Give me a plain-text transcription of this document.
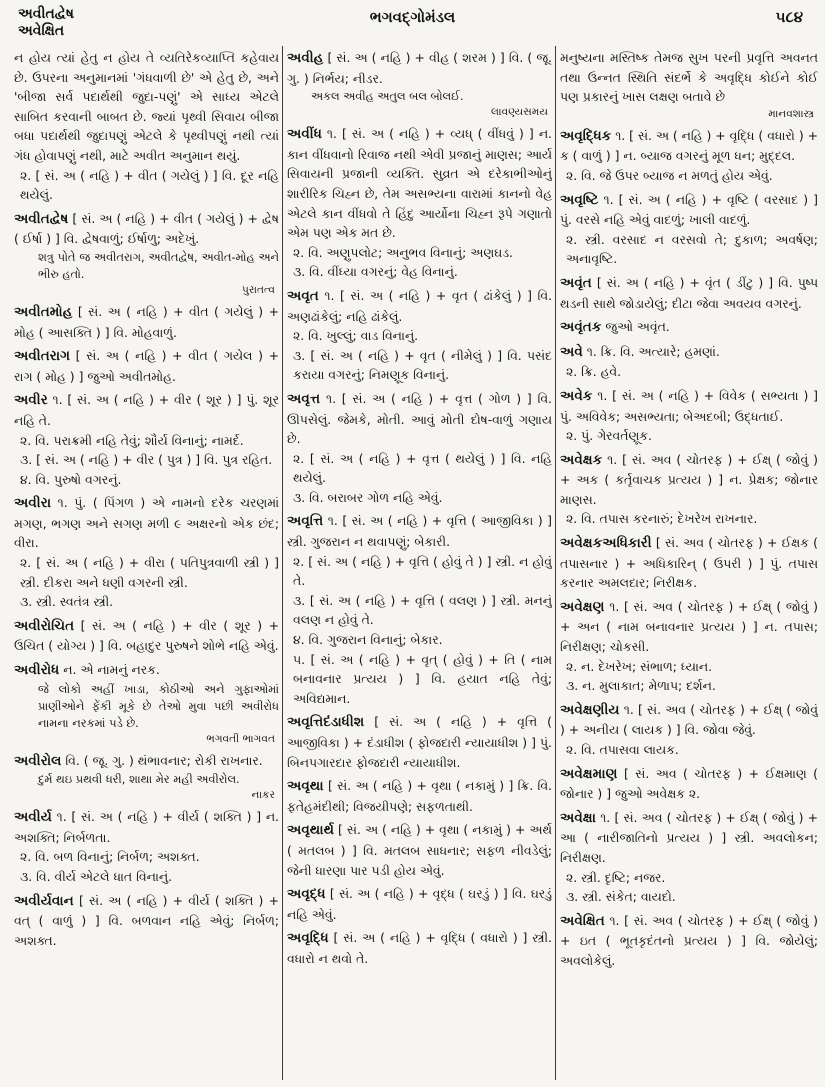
અવીતદ્વેષ
અવેક્ષિત
ભગવદ્ગોમંડલ	૫૮૪
ન હોય ત્યાં હેતુ ન હોય તે વ્યતિરેકવ્યાપ્તિ કહેવાય છે. ઉપરના અનુમાનમાં 'ગંધવાળી છે' એ હેતુ છે, અને 'બીજા સર્વ પદાર્થથી જુદા-પણું' એ સાધ્ય એટલે સાબિત કરવાની બાબત છે. જ્યાં પૃથ્વી સિવાય બીજા બધા પદાર્થથી જુદાપણું એટલે કે પૃથ્વીપણું નથી ત્યાં ગંધ હોવાપણું નથી, માટે અવીત અનુમાન થયું.
૨. [ સં. અ ( નહિ ) + વીત ( ગયેલું ) ] વિ. દૂર નહિ થયેલું.
અવીતદ્વેષ [ સં. અ ( નહિ ) + વીત ( ગયેલું ) + દ્વેષ ( ઈર્ષા ) ] વિ. દ્વેષવાળું; ઈર્ષાળુ; અદેખું.
શત્રુ પોતે જ અવીતરાગ, અવીતદ્વેષ, અવીત-મોહ અને ભીરુ હતો.
પુરાતત્વ
અવીતમોહ [ સં. અ ( નહિ ) + વીત ( ગયેલું ) + મોહ ( આસક્તિ ) ] વિ. મોહવાળું.
અવીતરાગ [ સં. અ ( નહિ ) + વીત ( ગયેલ ) + રાગ ( મોહ ) ] જુઓ અવીતમોહ.
અવીર ૧. [ સં. અ ( નહિ ) + વીર ( શૂર ) ] પું. શૂર નહિ તે.
૨. વિ. પરાક્રમી નહિ તેવું; શૌર્ય વિનાનું; નામર્દ.
૩. [ સં. અ ( નહિ ) + વીર ( પુત્ર ) ] વિ. પુત્ર રહિત.
૪. વિ. પુરુષો વગરનું.
અવીરા ૧. પું. ( પિંગળ ) એ નામનો દરેક ચરણમાં મગણ, ભગણ અને સગણ મળી ૯ અક્ષરનો એક છંદ; વીરા.
૨. [ સં. અ ( નહિ ) + વીરા ( પતિપુત્રવાળી સ્ત્રી ) ] સ્ત્રી. દીકરા અને ધણી વગરની સ્ત્રી.
૩. સ્ત્રી. સ્વતંત્ર સ્ત્રી.
અવીરોચિત [ સં. અ ( નહિ ) + વીર ( શૂર ) + ઉચિત ( યોગ્ય ) ] વિ. બહાદુર પુરુષને શોભે નહિ એવું.
અવીરોધ ન. એ નામનું નરક.
જે લોકો અહીં ખાડા, કોઠીઓ અને ગુફાઓમાં પ્રાણીઓને ફેંકી મૂકે છે તેઓ મુવા પછી અવીરોધ નામના નરકમાં પડે છે.
ભગવતી ભાગવત
અવીરોલ વિ. ( જૂ. ગુ. ) થંભાવનાર; રોકી રાખનાર.
દુર્મ થઇ પ્રથવી ધરી, શાથા મેર મહી અવીરોલ.
નાકર
અવીર્ય ૧. [ સં. અ ( નહિ ) + વીર્ય ( શક્તિ ) ] ન. અશક્તિ; નિર્બળતા.
૨. વિ. બળ વિનાનું; નિર્બળ; અશક્ત.
૩. વિ. વીર્ય એટલે ધાત વિનાનું.
અવીર્યવાન [ સં. અ ( નહિ ) + વીર્ય ( શક્તિ ) + વત્ ( વાળું ) ] વિ. બળવાન નહિ એવું; નિર્બળ; અશક્ત.
અવીહ [ સં. અ ( નહિ ) + વીહ ( શરમ ) ] વિ. ( જૂ. ગુ. ) નિર્ભય; નીડર.
અકલ અવીહ અતુલ બલ બોલઈ.
લાવણ્યસમય
અવીંધ ૧. [ સં. અ ( નહિ ) + વ્યધ્ ( વીંધવું ) ] ન. કાન વીંધવાનો રિવાજ નથી એવી પ્રજાનું માણસ; આર્ય સિવાયની પ્રજાની વ્યક્તિ. સુવ્રત એ દરેકાભીઓનું શારીરિક ચિહ્ન છે, તેમ અસભ્યના વારામાં કાનનો વેહ એટલે કાન વીંધવો તે હિંદુ આર્યોના ચિહ્ન રૂપે ગણાતો એમ પણ એક મત છે.
૨. વિ. અણુપલોટ; અનુભવ વિનાનું; અણઘડ.
૩. વિ. વીંધ્યા વગરનું; વેહ વિનાનું.
અવૃત ૧. [ સં. અ ( નહિ ) + વૃત ( ઢાંકેલું ) ] વિ. અણઢાંકેલું; નહિ ઢાંકેલું.
૨. વિ. ખુલ્લું; વાડ વિનાનું.
૩. [ સં. અ ( નહિ ) + વૃત ( નીમેલું ) ] વિ. પસંદ કરાયા વગરનું; નિમણૂક વિનાનું.
અવૃત્ત ૧. [ સં. અ ( નહિ ) + વૃત્ત ( ગોળ ) ] વિ. ઊપસેલું. જેમકે, મોતી. આવું મોતી દોષ-વાળું ગણાય છે.
૨. [ સં. અ ( નહિ ) + વૃત્ત ( થયેલું ) ] વિ. નહિ થયેલું.
૩. વિ. બરાબર ગોળ નહિ એવું.
અવૃત્તિ ૧. [ સં. અ ( નહિ ) + વૃત્તિ ( આજીવિકા ) ] સ્ત્રી. ગુજરાન ન થવાપણું; બેકારી.
૨. [ સં. અ ( નહિ ) + વૃત્તિ ( હોવું તે ) ] સ્ત્રી. ન હોવું તે.
૩. [ સં. અ ( નહિ ) + વૃત્તિ ( વલણ ) ] સ્ત્રી. મનનું વલણ ન હોવું તે.
૪. વિ. ગુજરાન વિનાનું; બેકાર.
૫. [ સં. અ ( નહિ ) + વૃત્ ( હોવું ) + તિ ( નામ બનાવનાર પ્રત્યય ) ] વિ. હયાત નહિ તેવું; અવિદ્યમાન.
અવૃત્તિદંડાધીશ [ સં. અ ( નહિ ) + વૃત્તિ ( આજીવિકા ) + દંડાધીશ ( ફોજદારી ન્યાયાધીશ ) ] પું. બિનપગારદાર ફોજદારી ન્યાયાધીશ.
અવૃથા [ સં. અ ( નહિ ) + વૃથા ( નકામું ) ] ક્રિ. વિ. ફતેહમંદીથી; વિજયીપણે; સફળતાથી.
અવૃથાર્થ [ સં. અ ( નહિ ) + વૃથા ( નકામું ) + અર્થ ( મતલબ ) ] વિ. મતલબ સાધનાર; સફળ નીવડેલું; જેની ધારણા પાર પડી હોય એવું.
અવૃદ્ધ [ સં. અ ( નહિ ) + વૃદ્ધ ( ઘરડું ) ] વિ. ઘરડું નહિ એવું.
અવૃદ્ધિ [ સં. અ ( નહિ ) + વૃદ્ધિ ( વધારો ) ] સ્ત્રી. વધારો ન થવો તે.
મનુષ્યના મસ્તિષ્ક તેમજ સુખ પરની પ્રવૃત્તિ અવનત તથા ઉન્નત સ્થિતિ સંદર્ભે કે અવૃદ્ધિ કોઈને કોઈ પણ પ્રકારનું ખાસ લક્ષણ બતાવે છે
માનવશાસ્ત્ર
અવૃદ્ધિક ૧. [ સં. અ ( નહિ ) + વૃદ્ધિ ( વધારો ) + ક ( વાળું ) ] ન. બ્યાજ વગરનું મૂળ ધન; મુદ્દલ.
૨. વિ. જે ઉપર બ્યાજ ન મળતું હોય એવું.
અવૃષ્ટિ ૧. [ સં. અ ( નહિ ) + વૃષ્ટિ ( વરસાદ ) ] પું. વરસે નહિ એવું વાદળું; ખાલી વાદળું.
૨. સ્ત્રી. વરસાદ ન વરસવો તે; દુકાળ; અવર્ષણ; અનાવૃષ્ટિ.
અવૃંત [ સં. અ ( નહિ ) + વૃંત ( ડીંટુ ) ] વિ. પુષ્પ થડની સાથે જોડાયેલું; દીટા જેવા અવયવ વગરનું.
અવૃંતક જુઓ અવૃંત.
અવે ૧. ક્રિ. વિ. અત્યારે; હમણાં.
૨. ક્રિ. હવે.
અવેક ૧. [ સં. અ ( નહિ ) + વિવેક ( સભ્યતા ) ] પું. અવિવેક; અસભ્યતા; બેઅદબી; ઉદ્ધતાઈ.
૨. પું. ગેરવર્તણૂક.
અવેક્ષક ૧. [ સં. અવ ( ચોતરફ ) + ઈક્ષ્ ( જોવું ) + અક ( કર્તૃવાચક પ્રત્યય ) ] ન. પ્રેક્ષક; જોનાર માણસ.
૨. વિ. તપાસ કરનારું; દેખરેખ રાખનાર.
અવેક્ષકઅધિકારી [ સં. અવ ( ચોતરફ ) + ઈક્ષક ( તપાસનાર ) + અધિકારિન્ ( ઉપરી ) ] પું. તપાસ કરનાર અમલદાર; નિરીક્ષક.
અવેક્ષણ ૧. [ સં. અવ ( ચોતરફ ) + ઈક્ષ્ ( જોવું ) + અન ( નામ બનાવનાર પ્રત્યય ) ] ન. તપાસ; નિરીક્ષણ; ચોકસી.
૨. ન. દેખરેખ; સંભાળ; ધ્યાન.
૩. ન. મુલાકાત; મેળાપ; દર્શન.
અવેક્ષણીય ૧. [ સં. અવ ( ચોતરફ ) + ઈક્ષ્ ( જોવું ) + અનીય ( લાયક ) ] વિ. જોવા જેવું.
૨. વિ. તપાસવા લાયક.
અવેક્ષમાણ [ સં. અવ ( ચોતરફ ) + ઈક્ષમાણ ( જોનાર ) ] જુઓ અવેક્ષક ૨.
અવેક્ષા ૧. [ સં. અવ ( ચોતરફ ) + ઈક્ષ્ ( જોવું ) + આ ( નારીજાતિનો પ્રત્યય ) ] સ્ત્રી. અવલોકન; નિરીક્ષણ.
૨. સ્ત્રી. દૃષ્ટિ; નજર.
૩. સ્ત્રી. સંકેત; વાયદો.
અવેક્ષિત ૧. [ સં. અવ ( ચોતરફ ) + ઈક્ષ્ ( જોવું ) + ઇત ( ભૂતકૃદંતનો પ્રત્યય ) ] વિ. જોયેલું; અવલોકેલું.
